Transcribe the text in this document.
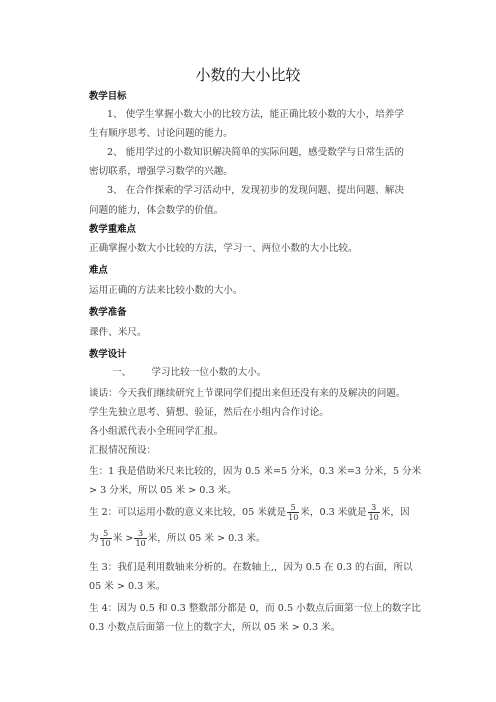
小数的大小比较
教学目标
1、 使学生掌握小数大小的比较方法，能正确比较小数的大小，培养学
生有顺序思考、讨论问题的能力。
2、 能用学过的小数知识解决简单的实际问题，感受数学与日常生活的
密切联系，增强学习数学的兴趣。
3、 在合作探索的学习活动中，发现初步的发现问题、提出问题、解决
问题的能力，体会数学的价值。
教学重难点
正确掌握小数大小比较的方法，学习一、两位小数的大小比较。
难点
运用正确的方法来比较小数的大小。
教学准备
课件、米尺。
教学设计
一、 学习比较一位小数的大小。
谈话：今天我们继续研究上节课同学们提出来但还没有来的及解决的问题。
学生先独立思考、猜想、验证，然后在小组内合作讨论。
各小组派代表小全班同学汇报。
汇报情况预设：
生：1 我是借助米尺来比较的，因为 0.5 米=5 分米，0.3 米=3 分米，5 分米
> 3 分米，所以 05 米 > 0.3 米。
生 2：可以运用小数的意义来比较，05 米就是 $\frac{5}{10}$ 米，0.3 米就是 $\frac{3}{10}$ 米，因
为 $\frac{5}{10}$ 米 > $\frac{3}{10}$ 米，所以 05 米 > 0.3 米。
生 3：我们是利用数轴来分析的。在数轴上,，因为 0.5 在 0.3 的右面，所以
05 米 > 0.3 米。
生 4：因为 0.5 和 0.3 整数部分都是 0，而 0.5 小数点后面第一位上的数字比
0.3 小数点后面第一位上的数字大，所以 05 米 > 0.3 米。
